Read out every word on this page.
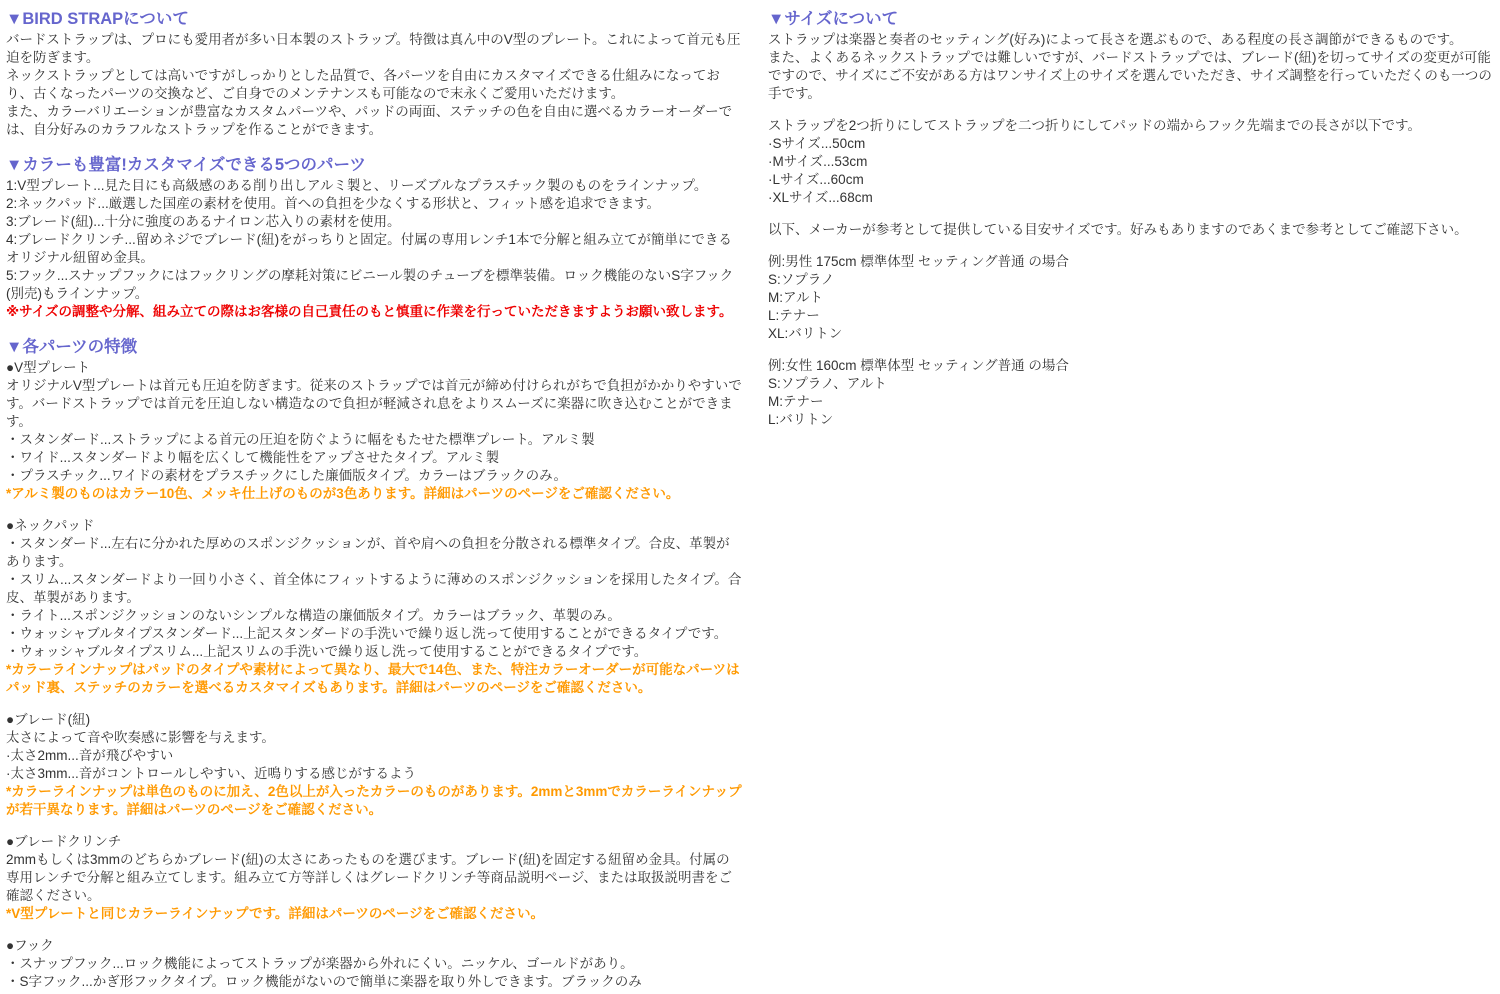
▼BIRD STRAPについて
バードストラップは、プロにも愛用者が多い日本製のストラップ。特徴は真ん中のV型のプレート。これによって首元も圧迫を防ぎます。
ネックストラップとしては高いですがしっかりとした品質で、各パーツを自由にカスタマイズできる仕組みになっており、古くなったパーツの交換など、ご自身でのメンテナンスも可能なので末永くご愛用いただけます。
また、カラーバリエーションが豊富なカスタムパーツや、パッドの両面、ステッチの色を自由に選べるカラーオーダーでは、自分好みのカラフルなストラップを作ることができます。
▼カラーも豊富!カスタマイズできる5つのパーツ
1:V型プレート...見た目にも高級感のある削り出しアルミ製と、リーズブルなプラスチック製のものをラインナップ。
2:ネックパッド...厳選した国産の素材を使用。首への負担を少なくする形状と、フィット感を追求できます。
3:ブレード(紐)...十分に強度のあるナイロン芯入りの素材を使用。
4:ブレードクリンチ...留めネジでブレード(紐)をがっちりと固定。付属の専用レンチ1本で分解と組み立てが簡単にできるオリジナル紐留め金具。
5:フック...スナップフックにはフックリングの摩耗対策にビニール製のチューブを標準装備。ロック機能のないS字フック(別売)もラインナップ。
※サイズの調整や分解、組み立ての際はお客様の自己責任のもと慎重に作業を行っていただきますようお願い致します。
▼各パーツの特徴
●V型プレート
オリジナルV型プレートは首元も圧迫を防ぎます。従来のストラップでは首元が締め付けられがちで負担がかかりやすいです。バードストラップでは首元を圧迫しない構造なので負担が軽減され息をよりスムーズに楽器に吹き込むことができます。
・スタンダード...ストラップによる首元の圧迫を防ぐように幅をもたせた標準プレート。アルミ製
・ワイド...スタンダードより幅を広くして機能性をアップさせたタイプ。アルミ製
・プラスチック...ワイドの素材をプラスチックにした廉価版タイプ。カラーはブラックのみ。
*アルミ製のものはカラー10色、メッキ仕上げのものが3色あります。詳細はパーツのページをご確認ください。
●ネックパッド
・スタンダード...左右に分かれた厚めのスポンジクッションが、首や肩への負担を分散される標準タイプ。合皮、革製があります。
・スリム...スタンダードより一回り小さく、首全体にフィットするように薄めのスポンジクッションを採用したタイプ。合皮、革製があります。
・ライト...スポンジクッションのないシンプルな構造の廉価版タイプ。カラーはブラック、革製のみ。
・ウォッシャブルタイプスタンダード...上記スタンダードの手洗いで繰り返し洗って使用することができるタイプです。
・ウォッシャブルタイプスリム...上記スリムの手洗いで繰り返し洗って使用することができるタイプです。
*カラーラインナップはパッドのタイプや素材によって異なり、最大で14色、また、特注カラーオーダーが可能なパーツはパッド裏、ステッチのカラーを選べるカスタマイズもあります。詳細はパーツのページをご確認ください。
●ブレード(紐)
太さによって音や吹奏感に影響を与えます。
·太さ2mm...音が飛びやすい
·太さ3mm...音がコントロールしやすい、近鳴りする感じがするよう
*カラーラインナップは単色のものに加え、2色以上が入ったカラーのものがあります。2mmと3mmでカラーラインナップが若干異なります。詳細はパーツのページをご確認ください。
●ブレードクリンチ
2mmもしくは3mmのどちらかブレード(紐)の太さにあったものを選びます。ブレード(紐)を固定する紐留め金具。付属の専用レンチで分解と組み立てします。組み立て方等詳しくはグレードクリンチ等商品説明ページ、または取扱説明書をご確認ください。
*V型プレートと同じカラーラインナップです。詳細はパーツのページをご確認ください。
●フック
・スナップフック...ロック機能によってストラップが楽器から外れにくい。ニッケル、ゴールドがあり。
・S字フック...かぎ形フックタイプ。ロック機能がないので簡単に楽器を取り外しできます。ブラックのみ
▼サイズについて
ストラップは楽器と奏者のセッティング(好み)によって長さを選ぶもので、ある程度の長さ調節ができるものです。
また、よくあるネックストラップでは難しいですが、バードストラップでは、ブレード(紐)を切ってサイズの変更が可能ですので、サイズにご不安がある方はワンサイズ上のサイズを選んでいただき、サイズ調整を行っていただくのも一つの手です。
ストラップを2つ折りにしてストラップを二つ折りにしてパッドの端からフック先端までの長さが以下です。
·Sサイズ...50cm
·Mサイズ...53cm
·Lサイズ...60cm
·XLサイズ...68cm
以下、メーカーが参考として提供している目安サイズです。好みもありますのであくまで参考としてご確認下さい。
例:男性 175cm 標準体型 セッティング普通 の場合
S:ソプラノ
M:アルト
L:テナー
XL:バリトン
例:女性 160cm 標準体型 セッティング普通 の場合
S:ソプラノ、アルト
M:テナー
L:バリトン
